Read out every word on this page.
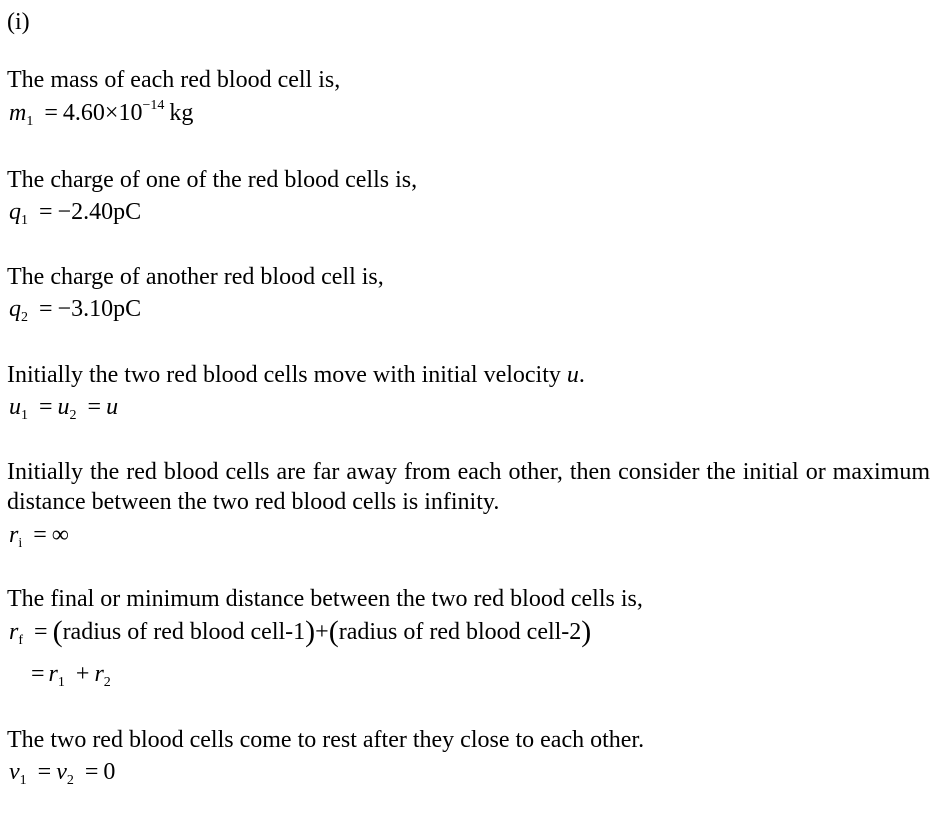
(i)
The mass of each red blood cell is,
$m_1 = 4.60\times 10^{-14}$ kg
The charge of one of the red blood cells is,
$q_1 = -2.40pC$
The charge of another red blood cell is,
$q_2 = -3.10pC$
Initially the two red blood cells move with initial velocity u.
$u_1 = u_2 = u$
Initially the red blood cells are far away from each other, then consider the initial or maximum distance between the two red blood cells is infinity.
$r_i$ = ∞
The final or minimum distance between the two red blood cells is,
$r_f$ = (radius of red blood cell-1)+(radius of red blood cell-2)
= $r_1 + r_2$
The two red blood cells come to rest after they close to each other.
$v_1 = v_2 = 0$
